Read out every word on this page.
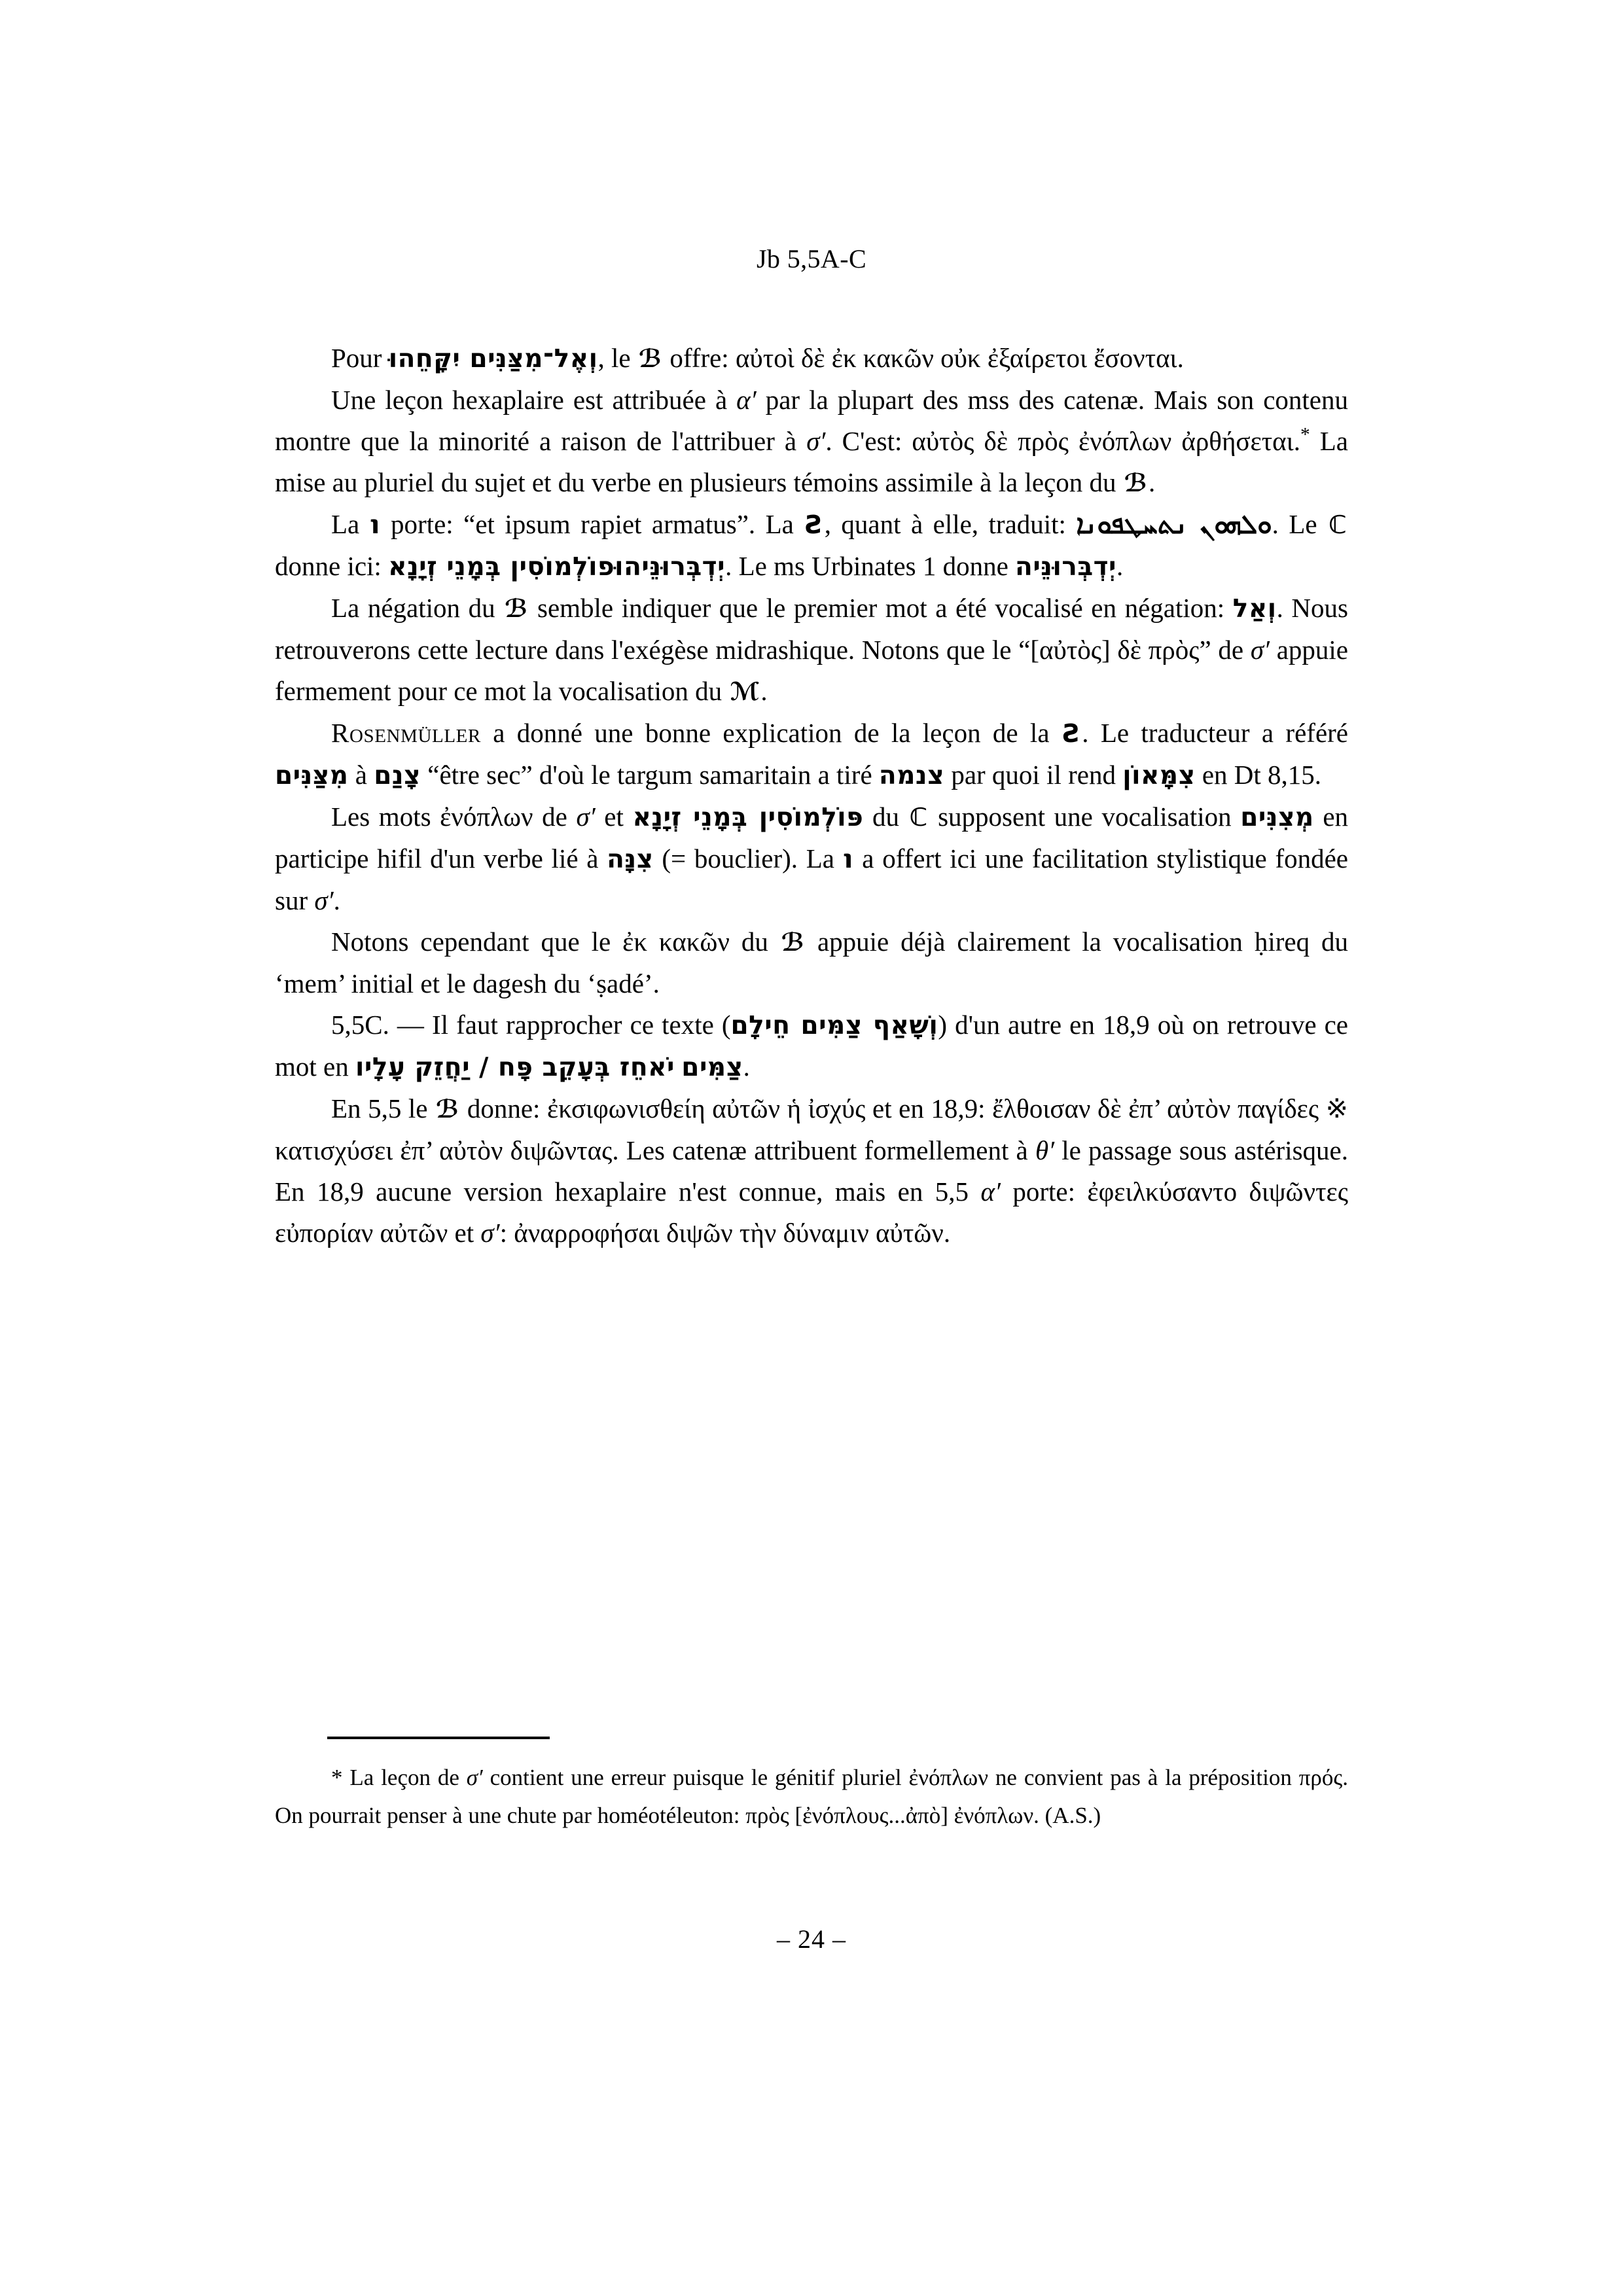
Jb 5,5A-C

Pour וְאֶל־מִצַּנִּים יִקָּחֵהוּ, le ℬ offre: αὐτοὶ δὲ ἐκ κακῶν οὐκ ἐξαίρετοι ἔσονται.

Une leçon hexaplaire est attribuée à α′ par la plupart des mss des catenæ. Mais son contenu montre que la minorité a raison de l'attribuer à σ′. C'est: αὐτὸς δὲ πρὸς ἐνόπλων ἀρθήσεται.* La mise au pluriel du sujet et du verbe en plusieurs témoins assimile à la leçon du ℬ.

La ℩ porte: “et ipsum rapiet armatus”. La Ƨ, quant à elle, traduit: ܘܠܗܘܢ ܢܬܚܛܦܘܢܐ. Le ℂ donne ici: וּפוֹלְמוֹסִין בְּמָנֵי זְיָנָאיְדְבְּרוּנֵּיה. Le ms Urbinates 1 donne יְדְבְּרוּנֵּיה.

La négation du ℬ semble indiquer que le premier mot a été vocalisé en négation: וְאַל. Nous retrouverons cette lecture dans l'exégèse midrashique. Notons que le “[αὐτὸς] δὲ πρὸς” de σ′ appuie fermement pour ce mot la vocalisation du ℳ.

Rosenmüller a donné une bonne explication de la leçon de la Ƨ. Le traducteur a référé מִצַּנִּים à צָנַם “être sec” d'où le targum samaritain a tiré צנמה par quoi il rend צִמָּאוֹן en Dt 8,15.

Les mots ἐνόπλων de σ′ et פּוֹלְמוֹסִין בְּמָנֵי זְיָנָא du ℂ supposent une vocalisation מְצִנִּים en participe hifil d'un verbe lié à צִנָּה (= bouclier). La ℩ a offert ici une facilitation stylistique fondée sur σ′.

Notons cependant que le ἐκ κακῶν du ℬ appuie déjà clairement la vocalisation ḥireq du ‘mem’ initial et le dagesh du ‘ṣadé’.

5,5C. — Il faut rapprocher ce texte (וְשָׁאַף צַמִּים חֵילָם) d'un autre en 18,9 où on retrouve ce mot en יֹאחֵז בְּעָקֵב פָּח / יַחֲזֵק עָלָיו צַמִּים.

En 5,5 le ℬ donne: ἐκσιφωνισθείη αὐτῶν ἡ ἰσχύς et en 18,9: ἔλθοισαν δὲ ἐπ’ αὐτὸν παγίδες ※ κατισχύσει ἐπ’ αὐτὸν διψῶντας. Les catenæ attribuent formellement à θ′ le passage sous astérisque. En 18,9 aucune version hexaplaire n'est connue, mais en 5,5 α′ porte: ἐφειλκύσαντο διψῶντες εὐπορίαν αὐτῶν et σ′: ἀναρροφήσαι διψῶν τὴν δύναμιν αὐτῶν.

* La leçon de σ′ contient une erreur puisque le génitif pluriel ἐνόπλων ne convient pas à la préposition πρός. On pourrait penser à une chute par homéotéleuton: πρὸς [ἐνόπλους...ἀπὸ] ἐνόπλων. (A.S.)

– 24 –
